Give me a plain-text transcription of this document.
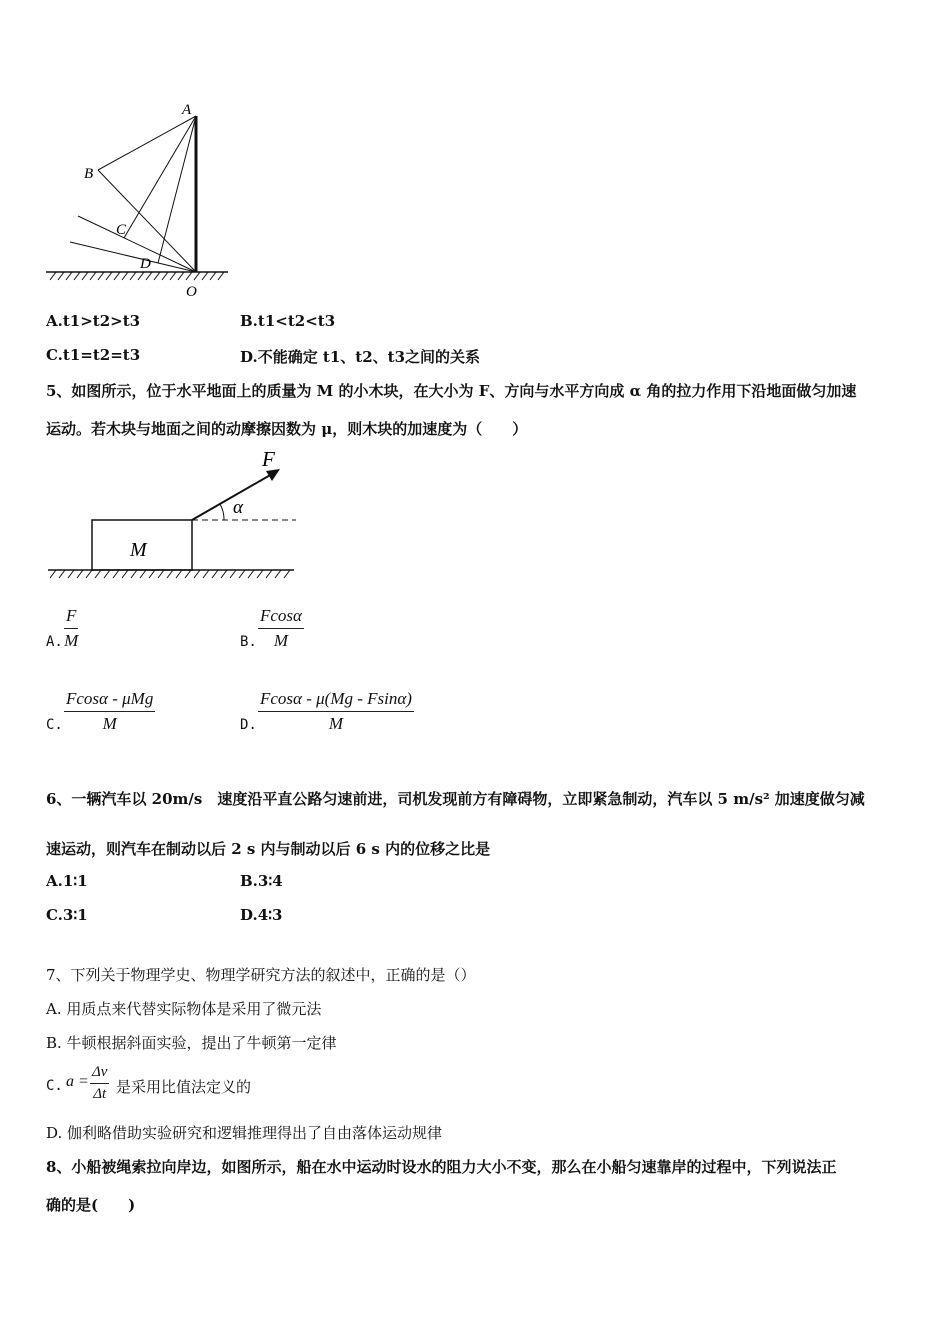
A
B
C
D
O
A.t1>t2>t3	B.t1<t2<t3
C.t1=t2=t3	D.不能确定 t1、t2、t3之间的关系
5、如图所示，位于水平地面上的质量为 M 的小木块，在大小为 F、方向与水平方向成 α 角的拉力作用下沿地面做匀加速
运动。若木块与地面之间的动摩擦因数为 μ，则木块的加速度为（　　）
F
α
M
A. $\frac{F}{M}$	B. $\frac{Fcos\alpha}{M}$
C.
Fcosα - μMg
M	D. $\frac{Fcos\alpha - \mu(Mg - Fsin\alpha)}{M}$
6、一辆汽车以 20m/s　速度沿平直公路匀速前进，司机发现前方有障碍物，立即紧急制动，汽车以 5 m/s² 加速度做匀减
速运动，则汽车在制动以后 2 s 内与制动以后 6 s 内的位移之比是
A.1∶1	B.3∶4
C.3∶1	D.4∶3
7、下列关于物理学史、物理学研究方法的叙述中，正确的是（）
A. 用质点来代替实际物体是采用了微元法
B. 牛顿根据斜面实验，提出了牛顿第一定律
C. $a = \frac{\Delta v}{\Delta t}$ 是采用比值法定义的
D. 伽利略借助实验研究和逻辑推理得出了自由落体运动规律
8、小船被绳索拉向岸边，如图所示，船在水中运动时设水的阻力大小不变，那么在小船匀速靠岸的过程中，下列说法正
确的是(　　)
